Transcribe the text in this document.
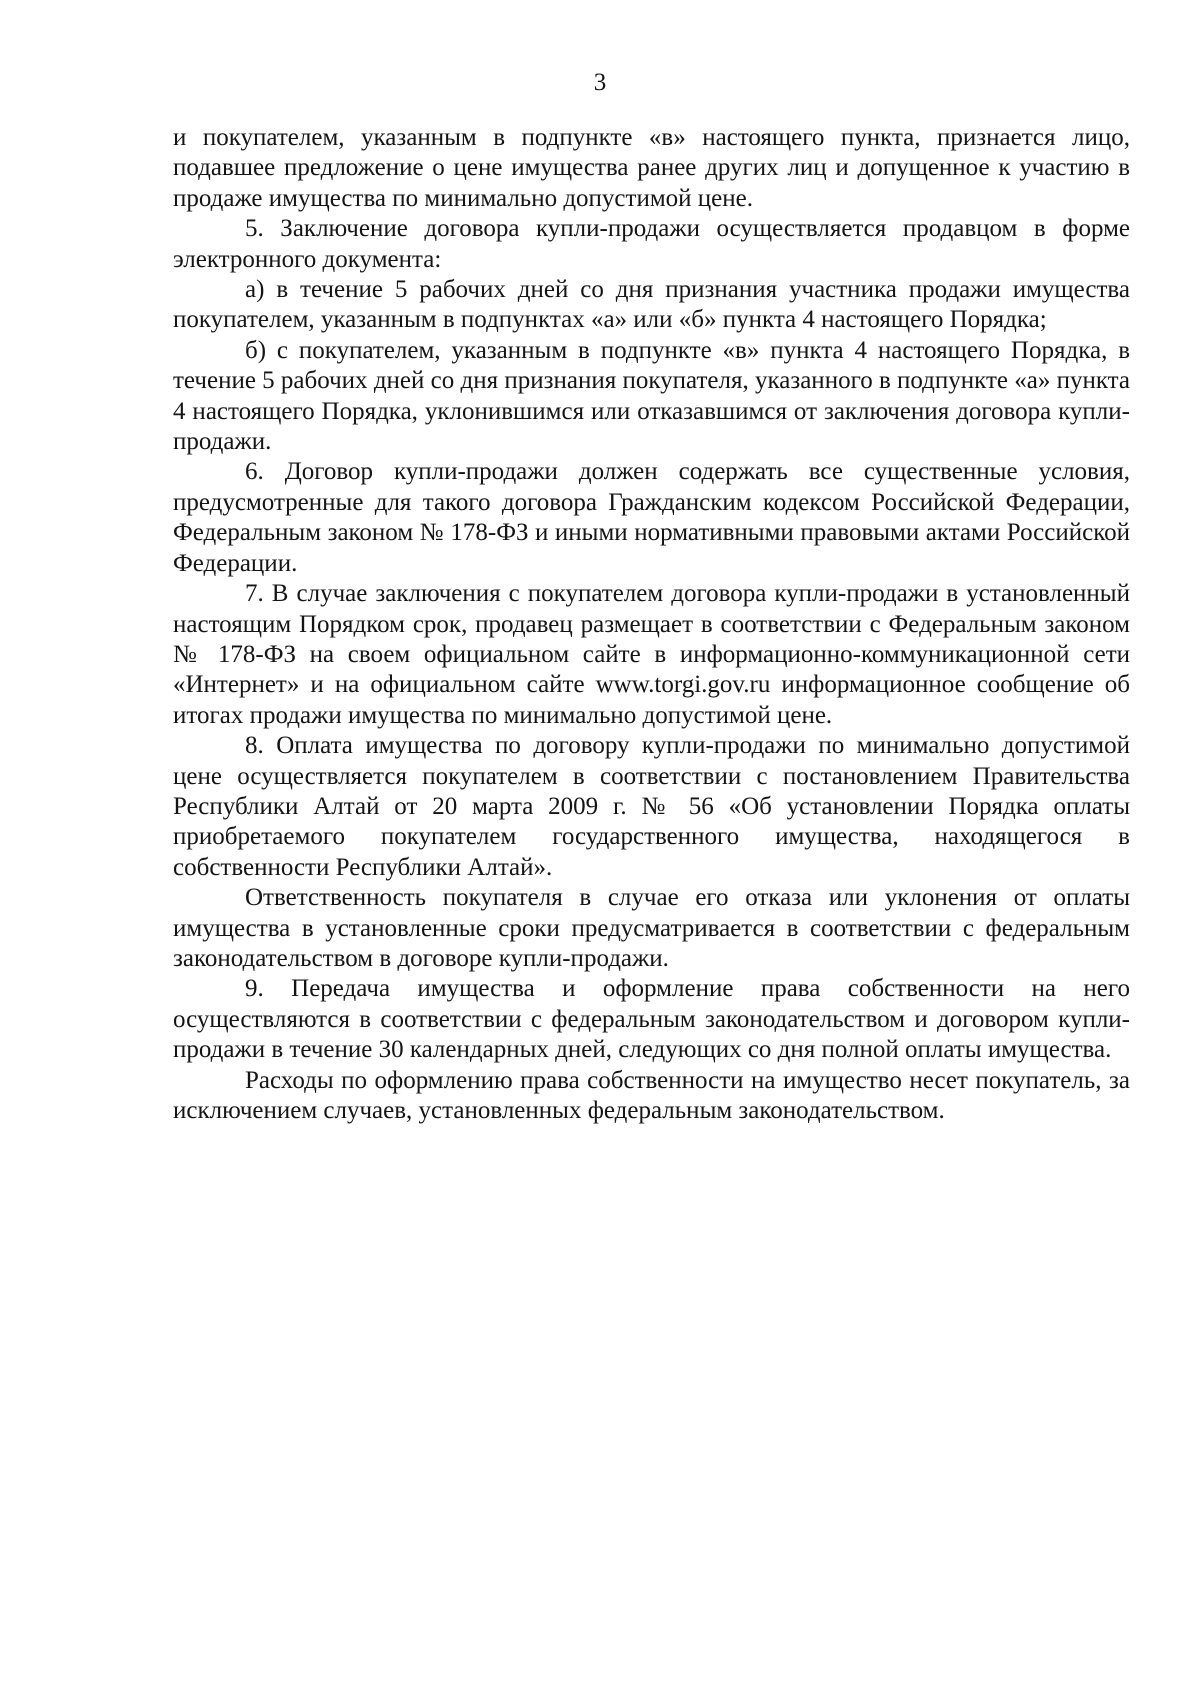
3

и покупателем, указанным в подпункте «в» настоящего пункта, признается лицо, подавшее предложение о цене имущества ранее других лиц и допущенное к участию в продаже имущества по минимально допустимой цене.

5. Заключение договора купли-продажи осуществляется продавцом в форме электронного документа:

а) в течение 5 рабочих дней со дня признания участника продажи имущества покупателем, указанным в подпунктах «а» или «б» пункта 4 настоящего Порядка;

б) с покупателем, указанным в подпункте «в» пункта 4 настоящего Порядка, в течение 5 рабочих дней со дня признания покупателя, указанного в подпункте «а» пункта 4 настоящего Порядка, уклонившимся или отказавшимся от заключения договора купли-продажи.

6. Договор купли-продажи должен содержать все существенные условия, предусмотренные для такого договора Гражданским кодексом Российской Федерации, Федеральным законом № 178-ФЗ и иными нормативными правовыми актами Российской Федерации.

7. В случае заключения с покупателем договора купли-продажи в установленный настоящим Порядком срок, продавец размещает в соответствии с Федеральным законом № 178-ФЗ на своем официальном сайте в информационно-коммуникационной сети «Интернет» и на официальном сайте www.torgi.gov.ru информационное сообщение об итогах продажи имущества по минимально допустимой цене.

8. Оплата имущества по договору купли-продажи по минимально допустимой цене осуществляется покупателем в соответствии с постановлением Правительства Республики Алтай от 20 марта 2009 г. № 56 «Об установлении Порядка оплаты приобретаемого покупателем государственного имущества, находящегося в собственности Республики Алтай».

Ответственность покупателя в случае его отказа или уклонения от оплаты имущества в установленные сроки предусматривается в соответствии с федеральным законодательством в договоре купли-продажи.

9. Передача имущества и оформление права собственности на него осуществляются в соответствии с федеральным законодательством и договором купли-продажи в течение 30 календарных дней, следующих со дня полной оплаты имущества.

Расходы по оформлению права собственности на имущество несет покупатель, за исключением случаев, установленных федеральным законодательством.
